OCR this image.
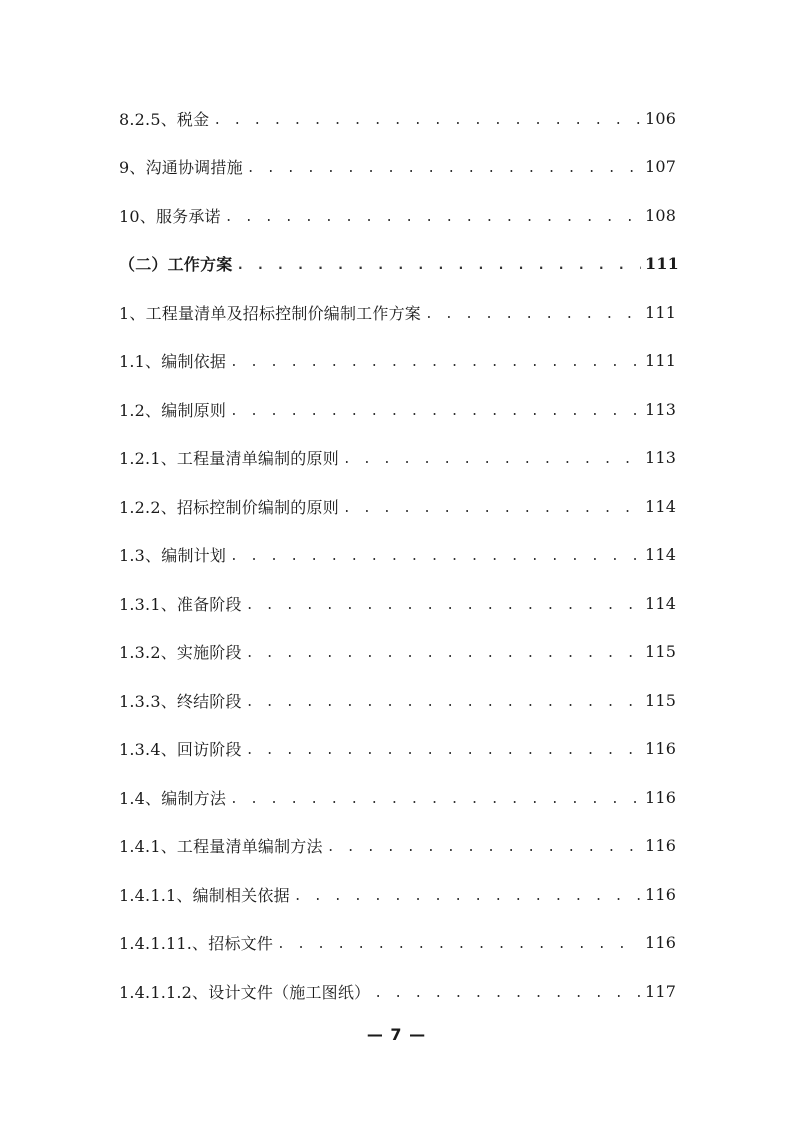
8.2.5、税金 . . .	106
9、沟通协调措施 . . .	107
10、服务承诺 . . .	108
（二）工作方案 . . .	111
1、工程量清单及招标控制价编制工作方案 . . .	111
1.1、编制依据 . . .	111
1.2、编制原则 . . .	113
1.2.1、工程量清单编制的原则 . . .	113
1.2.2、招标控制价编制的原则 . . .	114
1.3、编制计划 . . .	114
1.3.1、准备阶段 . . .	114
1.3.2、实施阶段 . . .	115
1.3.3、终结阶段 . . .	115
1.3.4、回访阶段 . . .	116
1.4、编制方法 . . .	116
1.4.1、工程量清单编制方法 . . .	116
1.4.1.1、编制相关依据 . . .	116
1.4.1.11.、招标文件 . . .	116
1.4.1.1.2、设计文件（施工图纸） . . .	117
— 7 —
